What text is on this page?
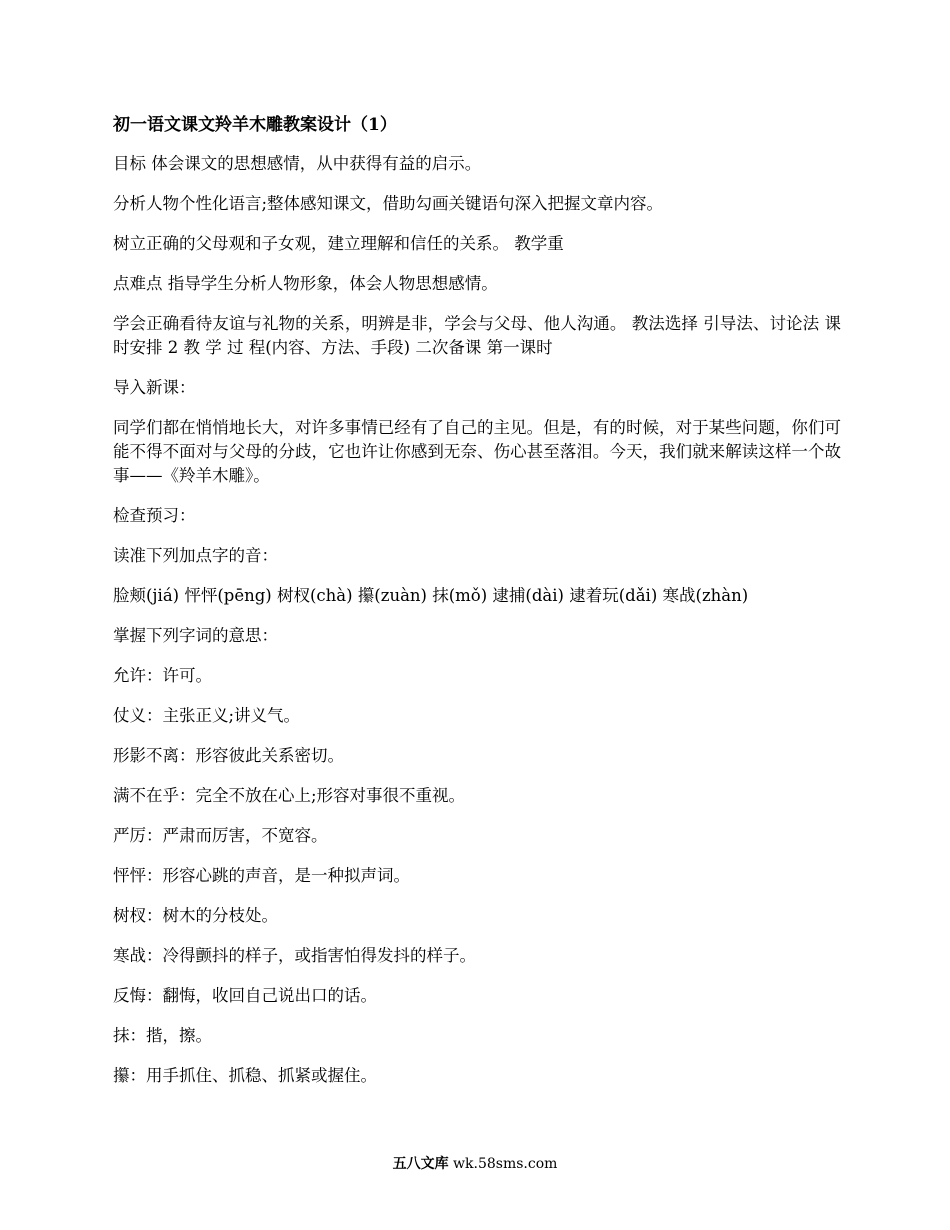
初一语文课文羚羊木雕教案设计（1）

目标 体会课文的思想感情，从中获得有益的启示。

分析人物个性化语言;整体感知课文，借助勾画关键语句深入把握文章内容。

树立正确的父母观和子女观，建立理解和信任的关系。 教学重

点难点 指导学生分析人物形象，体会人物思想感情。

学会正确看待友谊与礼物的关系，明辨是非，学会与父母、他人沟通。 教法选择 引导法、讨论法 课时安排 2 教 学 过 程(内容、方法、手段) 二次备课 第一课时

导入新课：

同学们都在悄悄地长大，对许多事情已经有了自己的主见。但是，有的时候，对于某些问题，你们可能不得不面对与父母的分歧，它也许让你感到无奈、伤心甚至落泪。今天，我们就来解读这样一个故事——《羚羊木雕》。

检查预习：

读准下列加点字的音：

脸颊(jiá) 怦怦(pēng) 树杈(chà) 攥(zuàn) 抹(mǒ) 逮捕(dài) 逮着玩(dǎi) 寒战(zhàn)

掌握下列字词的意思：

允许：许可。

仗义：主张正义;讲义气。

形影不离：形容彼此关系密切。

满不在乎：完全不放在心上;形容对事很不重视。

严厉：严肃而厉害，不宽容。

怦怦：形容心跳的声音，是一种拟声词。

树杈：树木的分枝处。

寒战：冷得颤抖的样子，或指害怕得发抖的样子。

反悔：翻悔，收回自己说出口的话。

抹：揩，擦。

攥：用手抓住、抓稳、抓紧或握住。

五八文库 wk.58sms.com
